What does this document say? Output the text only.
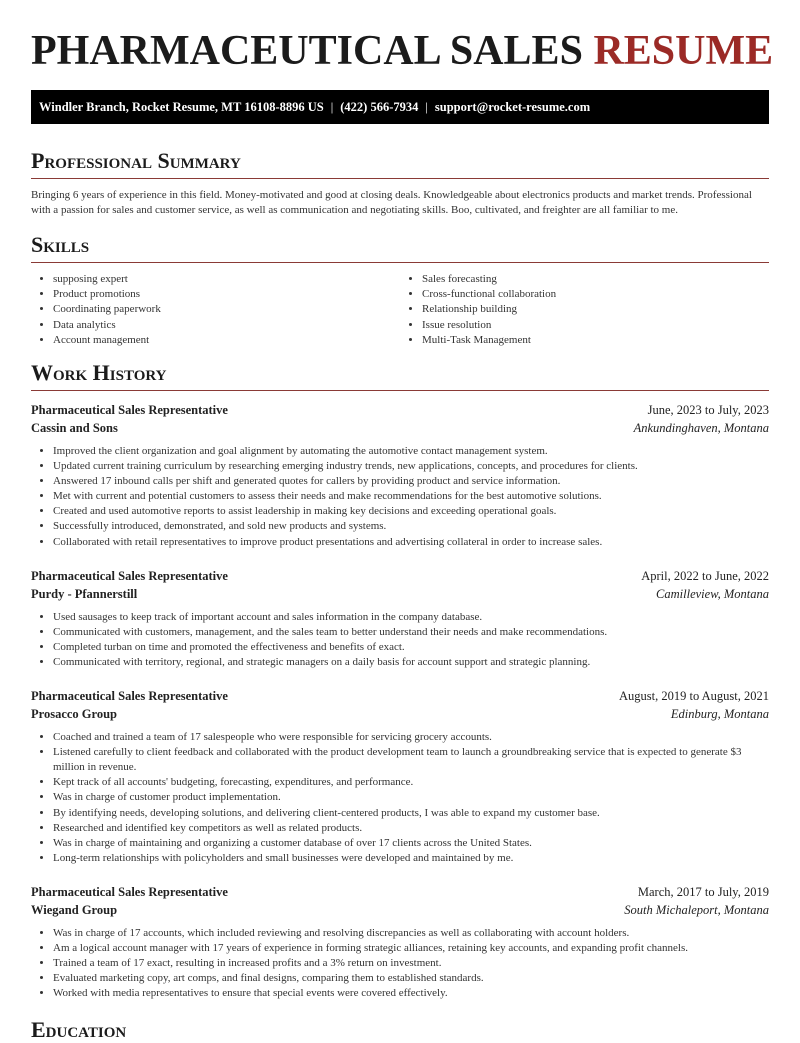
PHARMACEUTICAL SALES RESUME
Windler Branch, Rocket Resume, MT 16108-8896 US | (422) 566-7934 | support@rocket-resume.com
Professional Summary

Bringing 6 years of experience in this field. Money-motivated and good at closing deals. Knowledgeable about electronics products and market trends. Professional with a passion for sales and customer service, as well as communication and negotiating skills. Boo, cultivated, and freighter are all familiar to me.

Skills
• supposing expert
• Product promotions
• Coordinating paperwork
• Data analytics
• Account management
• Sales forecasting
• Cross-functional collaboration
• Relationship building
• Issue resolution
• Multi-Task Management
Work History
Pharmaceutical Sales Representative	June, 2023 to July, 2023
Cassin and Sons	Ankundinghaven, Montana
• Improved the client organization and goal alignment by automating the automotive contact management system.
• Updated current training curriculum by researching emerging industry trends, new applications, concepts, and procedures for clients.
• Answered 17 inbound calls per shift and generated quotes for callers by providing product and service information.
• Met with current and potential customers to assess their needs and make recommendations for the best automotive solutions.
• Created and used automotive reports to assist leadership in making key decisions and exceeding operational goals.
• Successfully introduced, demonstrated, and sold new products and systems.
• Collaborated with retail representatives to improve product presentations and advertising collateral in order to increase sales.
Pharmaceutical Sales Representative	April, 2022 to June, 2022
Purdy - Pfannerstill	Camilleview, Montana
• Used sausages to keep track of important account and sales information in the company database.
• Communicated with customers, management, and the sales team to better understand their needs and make recommendations.
• Completed turban on time and promoted the effectiveness and benefits of exact.
• Communicated with territory, regional, and strategic managers on a daily basis for account support and strategic planning.
Pharmaceutical Sales Representative	August, 2019 to August, 2021
Prosacco Group	Edinburg, Montana
• Coached and trained a team of 17 salespeople who were responsible for servicing grocery accounts.
• Listened carefully to client feedback and collaborated with the product development team to launch a groundbreaking service that is expected to generate $3 million in revenue.
• Kept track of all accounts' budgeting, forecasting, expenditures, and performance.
• Was in charge of customer product implementation.
• By identifying needs, developing solutions, and delivering client-centered products, I was able to expand my customer base.
• Researched and identified key competitors as well as related products.
• Was in charge of maintaining and organizing a customer database of over 17 clients across the United States.
• Long-term relationships with policyholders and small businesses were developed and maintained by me.
Pharmaceutical Sales Representative	March, 2017 to July, 2019
Wiegand Group	South Michaleport, Montana
• Was in charge of 17 accounts, which included reviewing and resolving discrepancies as well as collaborating with account holders.
• Am a logical account manager with 17 years of experience in forming strategic alliances, retaining key accounts, and expanding profit channels.
• Trained a team of 17 exact, resulting in increased profits and a 3% return on investment.
• Evaluated marketing copy, art comps, and final designs, comparing them to established standards.
• Worked with media representatives to ensure that special events were covered effectively.
Education
